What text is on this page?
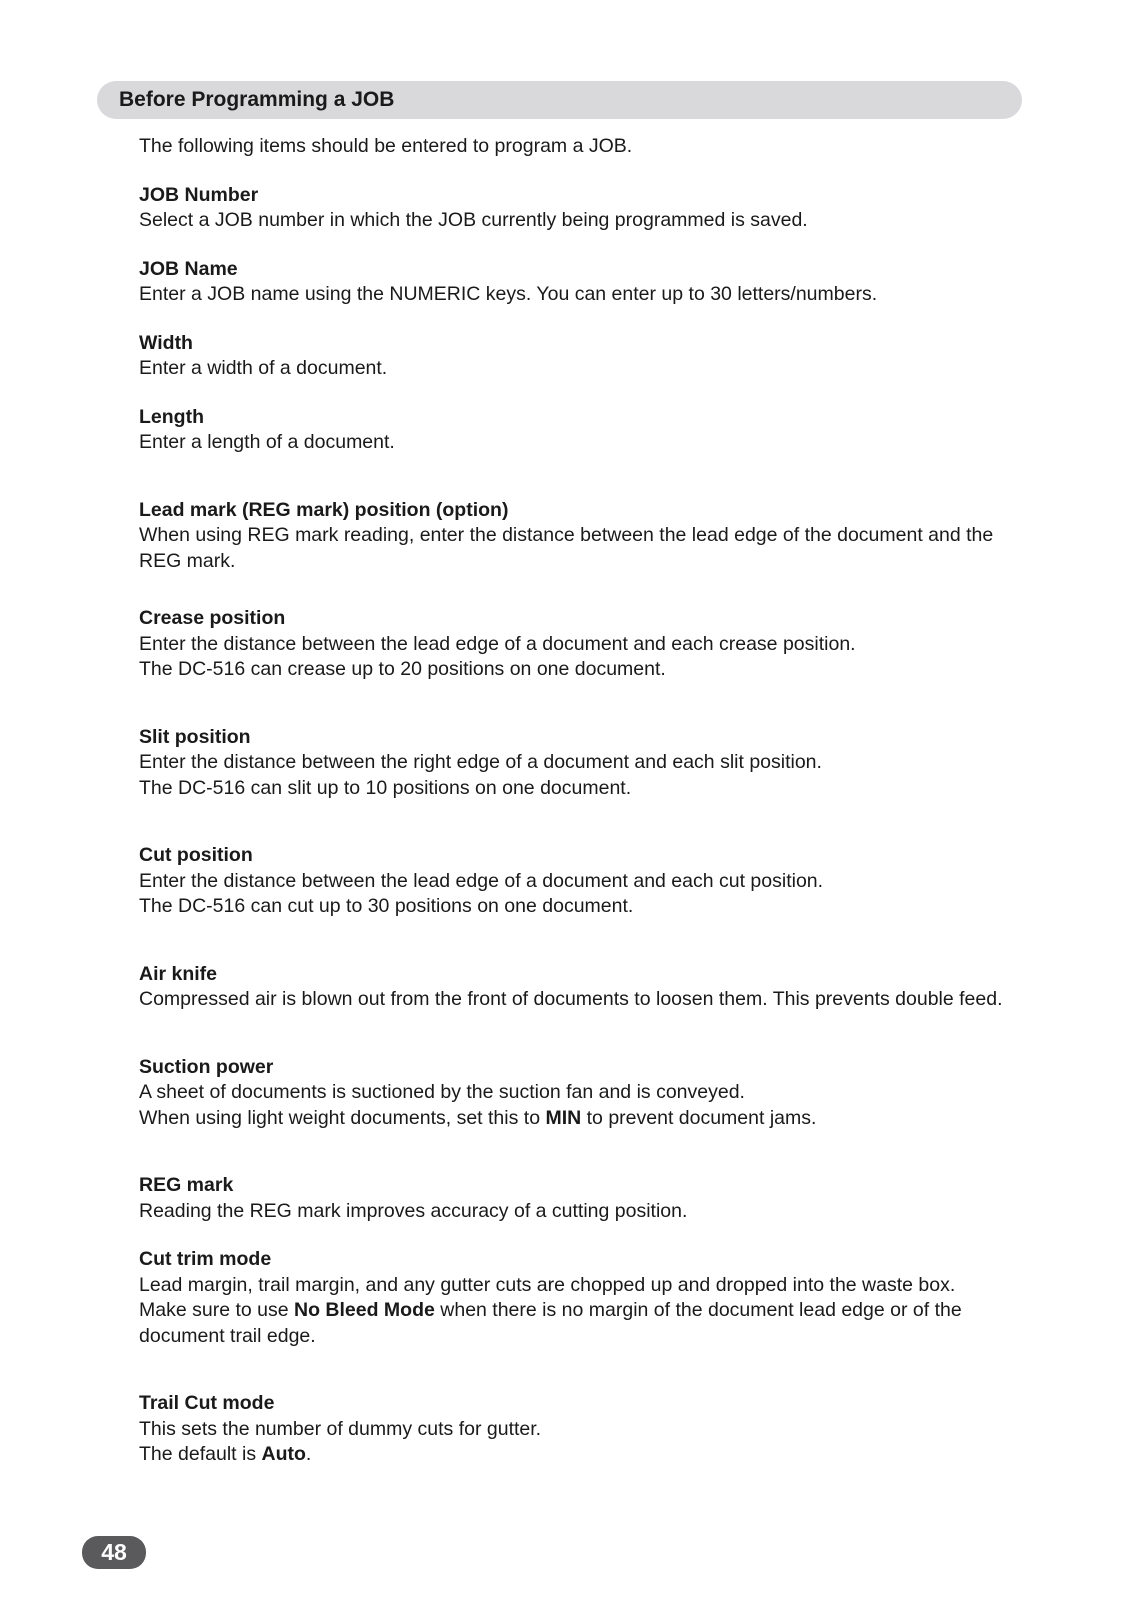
Before Programming a JOB

The following items should be entered to program a JOB.

JOB Number
Select a JOB number in which the JOB currently being programmed is saved.
JOB Name
Enter a JOB name using the NUMERIC keys. You can enter up to 30 letters/numbers.
Width
Enter a width of a document.
Length
Enter a length of a document.
Lead mark (REG mark) position (option)
When using REG mark reading, enter the distance between the lead edge of the document and the REG mark.
Crease position
Enter the distance between the lead edge of a document and each crease position.
The DC-516 can crease up to 20 positions on one document.
Slit position
Enter the distance between the right edge of a document and each slit position.
The DC-516 can slit up to 10 positions on one document.
Cut position
Enter the distance between the lead edge of a document and each cut position.
The DC-516 can cut up to 30 positions on one document.
Air knife
Compressed air is blown out from the front of documents to loosen them. This prevents double feed.
Suction power
A sheet of documents is suctioned by the suction fan and is conveyed.
When using light weight documents, set this to MIN to prevent document jams.
REG mark
Reading the REG mark improves accuracy of a cutting position.
Cut trim mode
Lead margin, trail margin, and any gutter cuts are chopped up and dropped into the waste box.
Make sure to use No Bleed Mode when there is no margin of the document lead edge or of the document trail edge.
Trail Cut mode
This sets the number of dummy cuts for gutter.
The default is Auto.
48
